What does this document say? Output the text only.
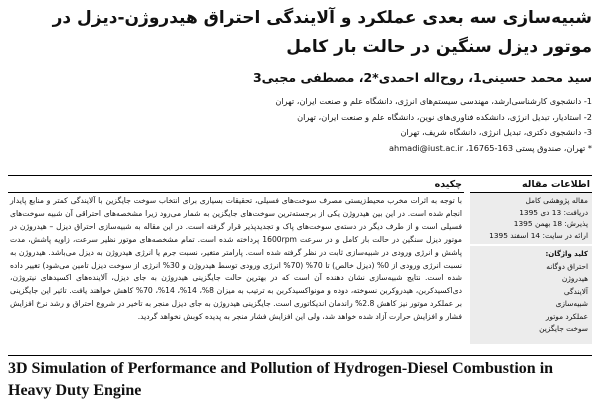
شبیه‌سازی سه بعدی عملکرد و آلایندگی احتراق هیدروژن-دیزل در موتور دیزل سنگین در حالت بار کامل
سید محمد حسینی1، روح‌اله احمدی*2، مصطفی مجبی3
1- دانشجوی کارشناسی‌ارشد، مهندسی سیستم‌های انرژی، دانشگاه علم و صنعت ایران، تهران
2- استادیار، تبدیل انرژی، دانشکده فناوری‌های نوین، دانشگاه علم و صنعت ایران، تهران
3- دانشجوی دکتری، تبدیل انرژی، دانشگاه شریف، تهران
* تهران، صندوق پستی 163-16765، ahmadi@iust.ac.ir
اطلاعات مقاله
مقاله پژوهشی کامل
دریافت: 13 دی 1395
پذیرش: 18 بهمن 1395
ارائه در سایت: 14 اسفند 1395
کلید واژگان:
احتراق دوگانه
هیدروژن
آلایندگی
شبیه‌سازی
عملکرد موتور
سوخت جایگزین
چکیده
با توجه به اثرات مخرب محیط‌زیستی مصرف سوخت‌های فسیلی، تحقیقات بسیاری برای انتخاب سوخت جایگزین با آلایندگی کمتر و منابع پایدار انجام شده است. در این بین هیدروژن یکی از برجسته‌ترین سوخت‌های جایگزین به شمار می‌رود زیرا مشخصه‌های احتراقی آن شبیه سوخت‌های فسیلی است و از طرف دیگر در دسته‌ی سوخت‌های پاک و تجدیدپذیر قرار گرفته است. در این مقاله به شبیه‌سازی احتراق دیزل – هیدروژن در موتور دیزل سنگین در حالت بار کامل و در سرعت 1600rpm پرداخته شده است. تمام مشخصه‌های موتور نظیر سرعت، زاویه پاشش، مدت پاشش و انرژی ورودی در شبیه‌سازی ثابت در نظر گرفته شده است. پارامتر متغیر، نسبت جرم یا انرژی هیدروژن به دیزل می‌باشد. هیدروژن به نسبت انرژی ورودی از 0% (دیزل خالص) تا 70% (70% انرژی ورودی توسط هیدروژن و 30% انرژی از سوخت دیزل تامین می‌شود) تغییر داده شده است. نتایج شبیه‌سازی نشان دهنده آن است که در بهترین حالت جایگزینی هیدروژن به جای دیزل، آلاینده‌های اکسیدهای نیتروژن، دی‌اکسیدکربن، هیدروکربن نسوخته، دوده و مونواکسیدکربن به ترتیب به میزان 8%، 14%، 14%، 70% کاهش خواهند یافت. تاثیر این جایگزینی بر عملکرد موتور نیز کاهش 2.8% راندمان اندیکاتوری است. جایگزینی هیدروژن به جای دیزل منجر به تاخیر در شروع احتراق و رشد نرخ افزایش فشار و افزایش حرارت آزاد شده خواهد شد، ولی این افزایش فشار منجر به پدیده کوبش نخواهد گردید.
3D Simulation of Performance and Pollution of Hydrogen-Diesel Combustion in Heavy Duty Engine
